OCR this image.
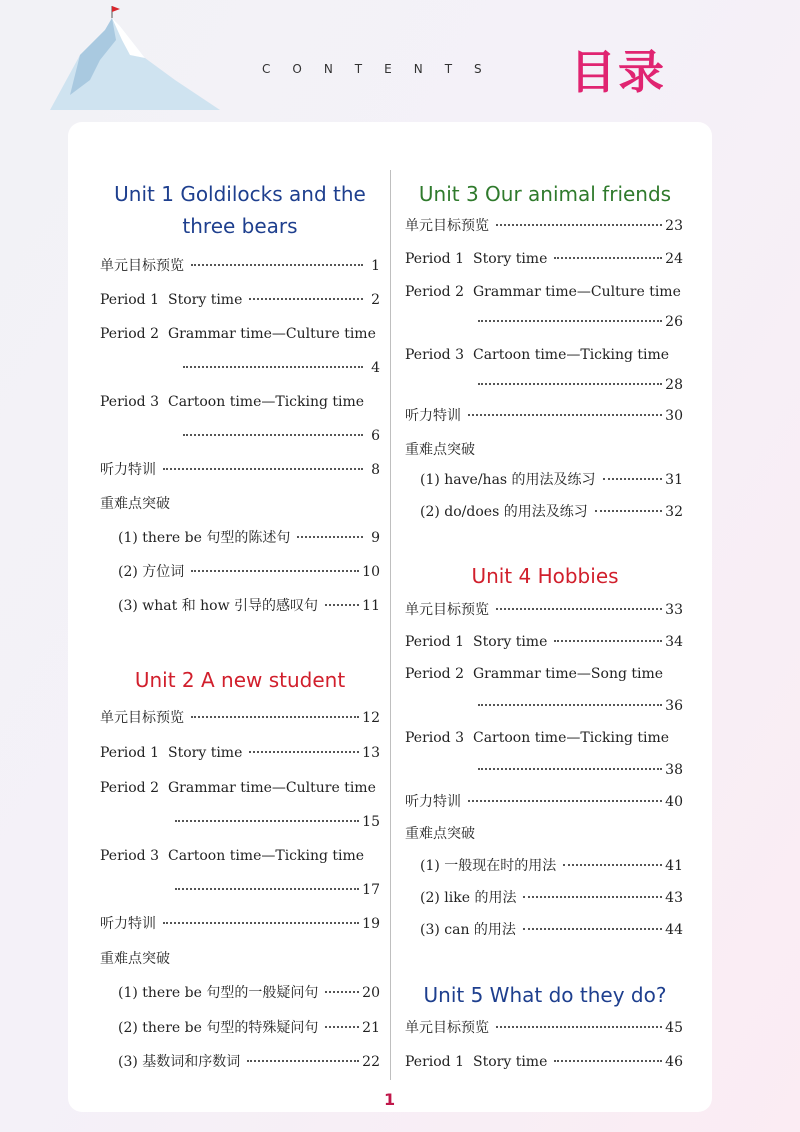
CONTENTS 目录
Unit 1 Goldilocks and the
three bears
单元目标预览	1
Period 1 Story time	2
Period 2 Grammar time—Culture time
4
Period 3 Cartoon time—Ticking time
6
听力特训	8
重难点突破
(1) there be 句型的陈述句	9
(2) 方位词	10
(3) what 和 how 引导的感叹句	11
Unit 2 A new student
单元目标预览	12
Period 1 Story time	13
Period 2 Grammar time—Culture time
15
Period 3 Cartoon time—Ticking time
17
听力特训	19
重难点突破
(1) there be 句型的一般疑问句	20
(2) there be 句型的特殊疑问句	21
(3) 基数词和序数词	22
Unit 3 Our animal friends
单元目标预览	23
Period 1 Story time	24
Period 2 Grammar time—Culture time
26
Period 3 Cartoon time—Ticking time
28
听力特训	30
重难点突破
(1) have/has 的用法及练习	31
(2) do/does 的用法及练习	32
Unit 4 Hobbies
单元目标预览	33
Period 1 Story time	34
Period 2 Grammar time—Song time
36
Period 3 Cartoon time—Ticking time
38
听力特训	40
重难点突破
(1) 一般现在时的用法	41
(2) like 的用法	43
(3) can 的用法	44
Unit 5 What do they do?
单元目标预览	45
Period 1 Story time	46
1
